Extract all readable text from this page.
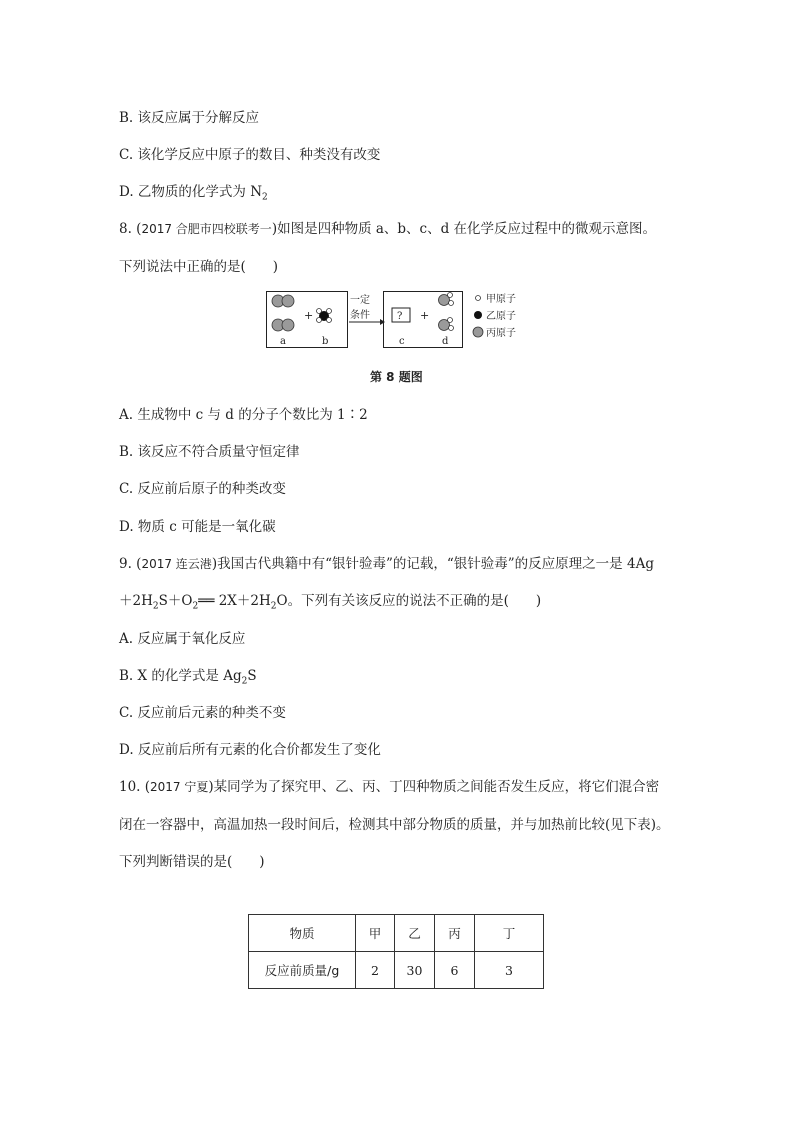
B. 该反应属于分解反应
C. 该化学反应中原子的数目、种类没有改变
D. 乙物质的化学式为 $N_2$
8. (2017 合肥市四校联考一)如图是四种物质 a、b、c、d 在化学反应过程中的微观示意图。
下列说法中正确的是(　　)
+
a	b
一定
条件	? +
c	d
甲原子
乙原子
丙原子
第 8 题图
A. 生成物中 c 与 d 的分子个数比为 1∶2
B. 该反应不符合质量守恒定律
C. 反应前后原子的种类改变
D. 物质 c 可能是一氧化碳
9. (2017 连云港)我国古代典籍中有“银针验毒”的记载，“银针验毒”的反应原理之一是 4Ag
$+2H_2S+O_2══$ $2X+2H_2O$。下列有关该反应的说法不正确的是(　　)
A. 反应属于氧化反应
B. X 的化学式是 $Ag_2S$
C. 反应前后元素的种类不变
D. 反应前后所有元素的化合价都发生了变化
10. (2017 宁夏)某同学为了探究甲、乙、丙、丁四种物质之间能否发生反应，将它们混合密
闭在一容器中，高温加热一段时间后，检测其中部分物质的质量，并与加热前比较(见下表)。
下列判断错误的是(　　)
物质	甲	乙	丙	丁
反应前质量/g	2	30	6	3
